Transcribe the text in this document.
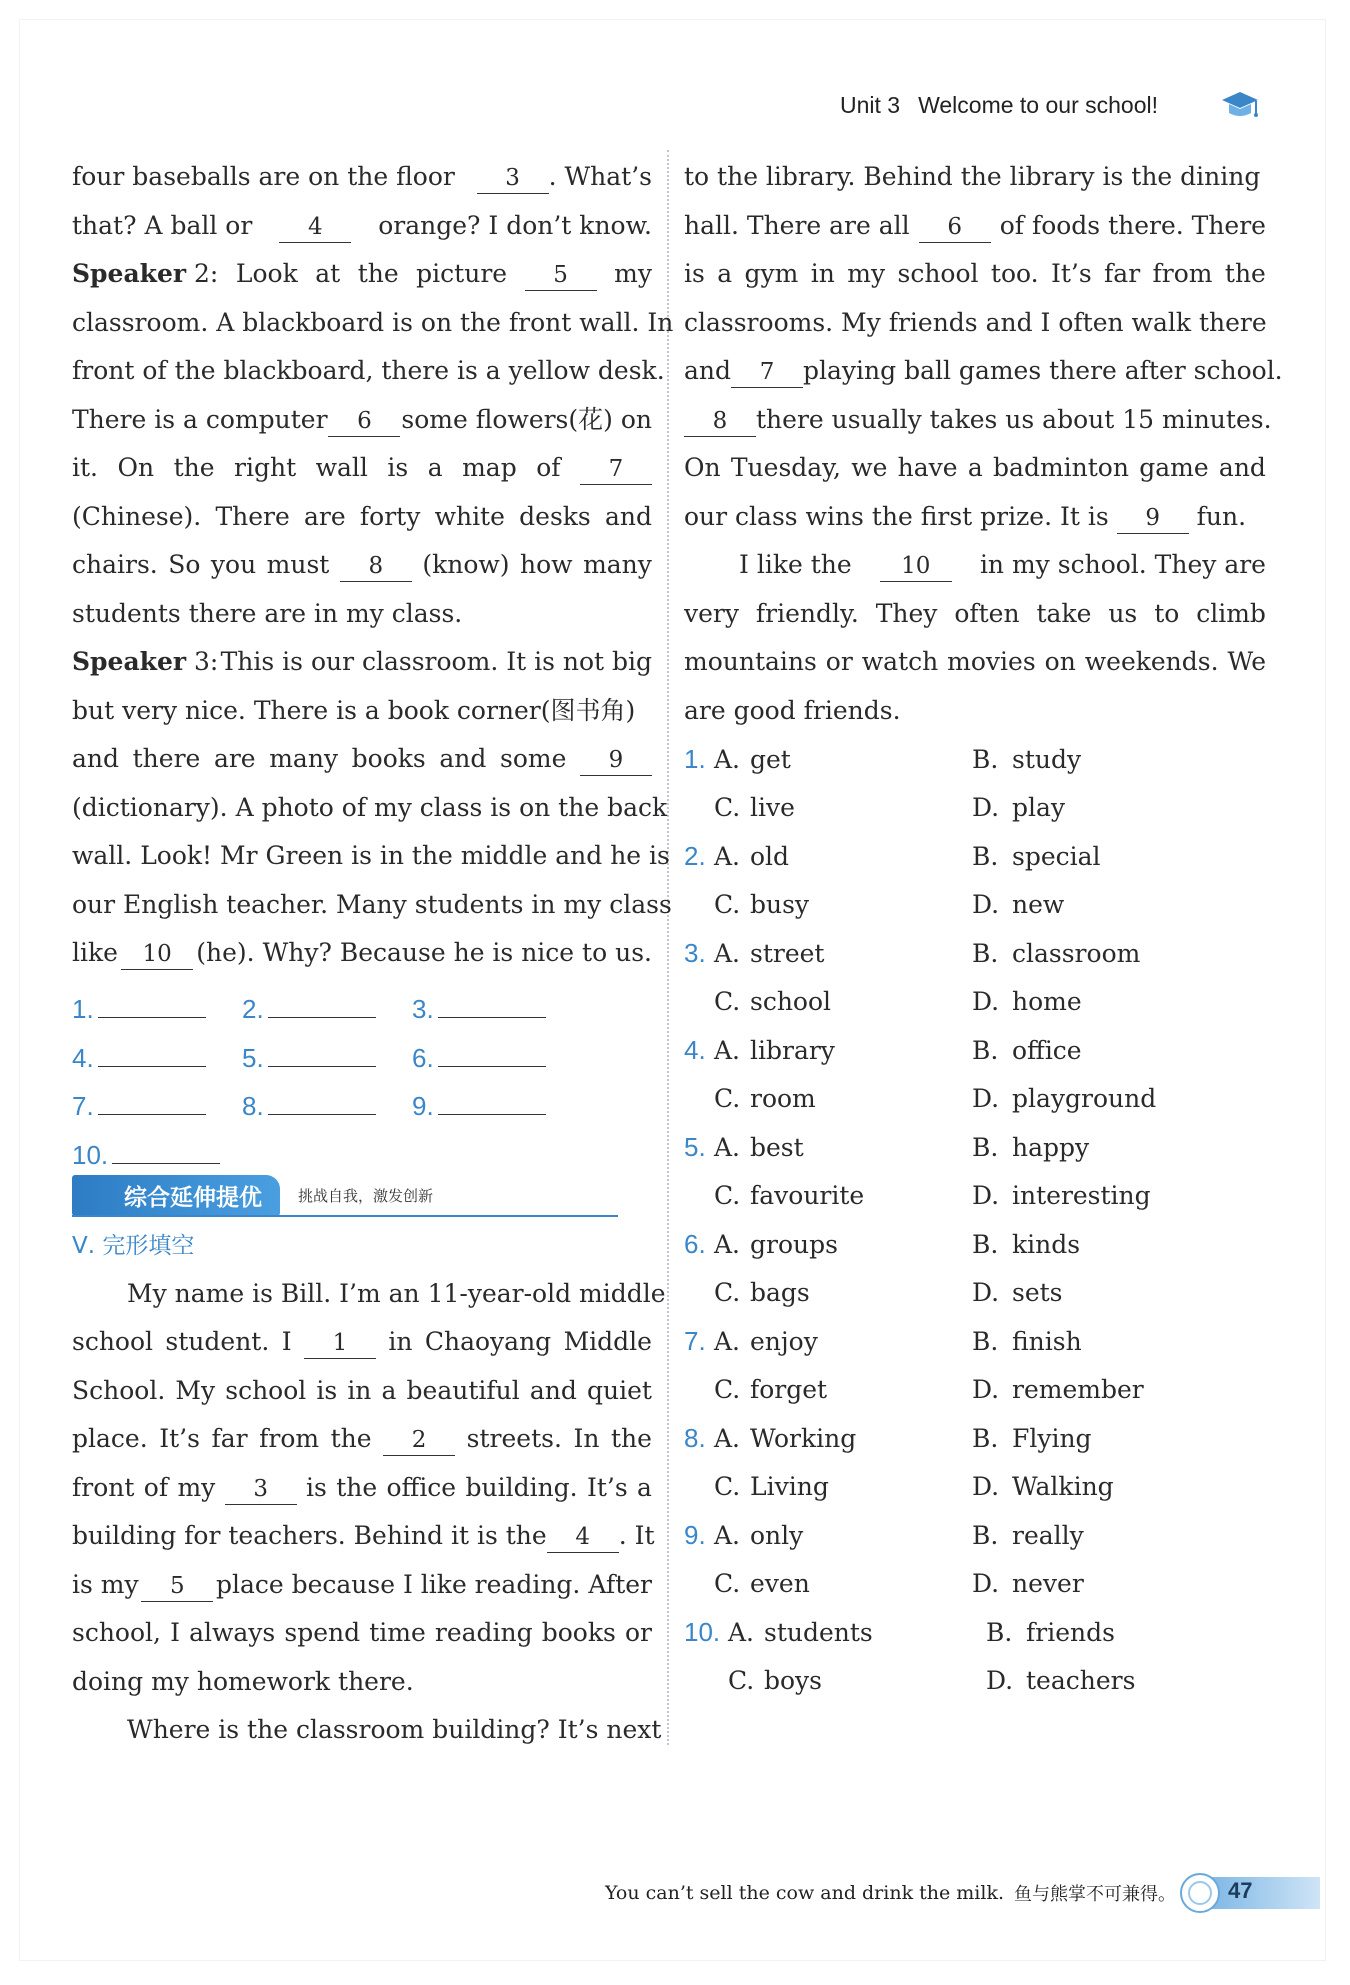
Unit 3 Welcome to our school!
four baseballs are on the floor	3 . What’s
that? A ball or	4	orange? I don’t know.
Speaker 2: Look at the picture	5	my
classroom. A blackboard is on the front wall. In
front of the blackboard, there is a yellow desk.
There is a computer	6	some flowers(花) on
it. On the right wall is a map of	7
(Chinese). There are forty white desks and
chairs. So you must	8	(know) how many
students there are in my class.
Speaker 3: This is our classroom. It is not big
but very nice. There is a book corner(图书角)
and there are many books and some	9
(dictionary). A photo of my class is on the back
wall. Look! Mr Green is in the middle and he is
our English teacher. Many students in my class
like	10 (he). Why? Because he is nice to us.
1.	2.	3.
4.	5.	6.
7.	8.	9.
10.
综合延伸提优	挑战自我，激发创新
Ⅴ. 完形填空
My name is Bill. I’m an 11-year-old middle
school student. I	1	in Chaoyang Middle
School. My school is in a beautiful and quiet
place. It’s far from the	2	streets. In the
front of my	3	is the office building. It’s a
building for teachers. Behind it is the	4 . It
is my	5	place because I like reading. After
school, I always spend time reading books or
doing my homework there.
Where is the classroom building? It’s next
to the library. Behind the library is the dining
hall. There are all	6	of foods there. There
is a gym in my school too. It’s far from the
classrooms. My friends and I often walk there
and	7	playing ball games there after school.
8	there usually takes us about 15 minutes.
On Tuesday, we have a badminton game and
our class wins the first prize. It is	9	fun.
I like the	10	in my school. They are
very friendly. They often take us to climb
mountains or watch movies on weekends. We
are good friends.
1. A. get	B. study
C. live	D. play
2. A. old	B. special
C. busy	D. new
3. A. street	B. classroom
C. school	D. home
4. A. library	B. office
C. room	D. playground
5. A. best	B. happy
C. favourite	D. interesting
6. A. groups	B. kinds
C. bags	D. sets
7. A. enjoy	B. finish
C. forget	D. remember
8. A. Working	B. Flying
C. Living	D. Walking
9. A. only	B. really
C. even	D. never
10. A. students	B. friends
C. boys	D. teachers
You can’t sell the cow and drink the milk. 鱼与熊掌不可兼得。 47
